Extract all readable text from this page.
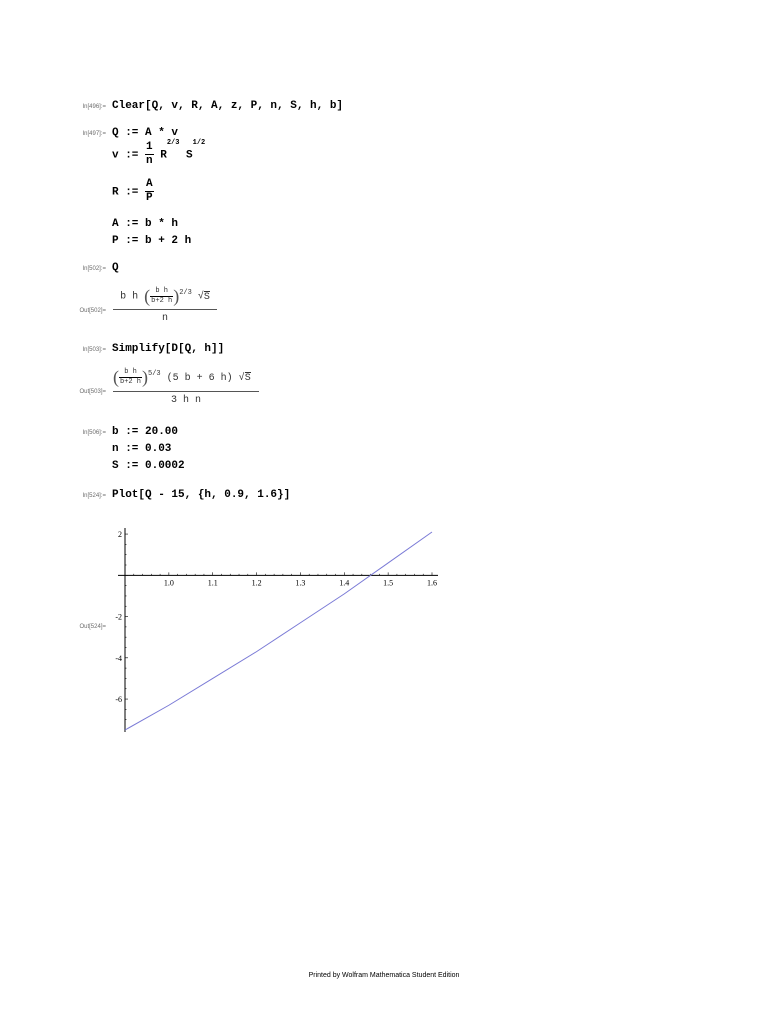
In[496]:= Clear[Q, v, R, A, z, P, n, S, h, b]
In[497]:= Q := A * v
v := $\frac{1}{n} R^{2/3}$ $S^{1/2}$
R := $\frac{A}{P}$
A := b * h
P := b + 2 h
In[502]:= Q
$Out[502]= \frac{b h ( \frac{\text{b h}}{b+2 h} )^{2/3} √S}{n}$
In[503]:= Simplify[D[Q, h]]
$Out[503]= \frac{( \frac{\text{b h}}{b+2 h} )^{5/3} (5 b + 6 h) √S}{\text{3 h n}}$
In[506]:= b := 20.00
n := 0.03
S := 0.0002
In[524]:= Plot[Q - 15, {h, 0.9, 1.6}]
Out[524]=
1.0	1.1	1.2	1.3	1.4	1.5	1.6
2
-2
-4
-6
Printed by Wolfram Mathematica Student Edition
